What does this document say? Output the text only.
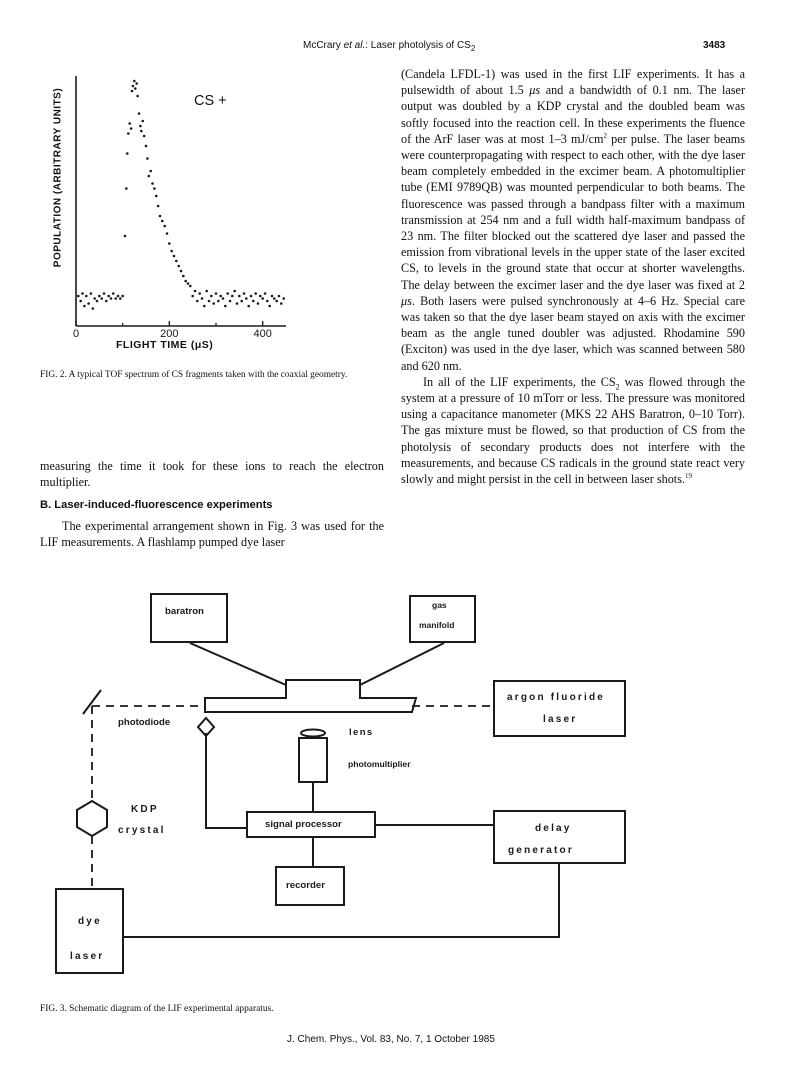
McCrary et al.: Laser photolysis of $CS_2$	3483
0	200	400
CS +
POPULATION (ARBITRARY UNITS)
FLIGHT TIME (μS)
FIG. 2. A typical TOF spectrum of CS fragments taken with the coaxial geometry.

measuring the time it took for these ions to reach the electron multiplier.

B. Laser-induced-fluorescence experiments

The experimental arrangement shown in Fig. 3 was used for the LIF measurements. A flashlamp pumped dye laser

(Candela LFDL-1) was used in the first LIF experiments. It has a pulsewidth of about 1.5 μs and a bandwidth of 0.1 nm. The laser output was doubled by a KDP crystal and the doubled beam was softly focused into the reaction cell. In these experiments the fluence of the ArF laser was at most 1–3 $mJ/cm^2$ per pulse. The laser beams were counterpropagating with respect to each other, with the dye laser beam completely embedded in the excimer beam. A photomultiplier tube (EMI 9789QB) was mounted perpendicular to both beams. The fluorescence was passed through a bandpass filter with a maximum transmission at 254 nm and a full width half-maximum bandpass of 23 nm. The filter blocked out the scattered dye laser and passed the emission from vibrational levels in the upper state of the laser excited CS, to levels in the ground state that occur at shorter wavelengths. The delay between the excimer laser and the dye laser was fixed at 2 μs. Both lasers were pulsed synchronously at 4–6 Hz. Special care was taken so that the dye laser beam stayed on axis with the excimer beam as the angle tuned doubler was adjusted. Rhodamine 590 (Exciton) was used in the dye laser, which was scanned between 580 and 620 nm.

In all of the LIF experiments, the $CS_2$ was flowed through the system at a pressure of 10 mTorr or less. The pressure was monitored using a capacitance manometer (MKS 22 AHS Baratron, 0–10 Torr). The gas mixture must be flowed, so that production of CS from the photolysis of secondary products does not interfere with the measurements, and because CS radicals in the ground state react very slowly and might persist in the cell in between laser shots.$^{19}$

baratron
gas
manifold
argon fluoride
laser
photodiode
lens
photomultiplier
KDP
crystal
signal processor	delay
generator
recorder
dye
laser
FIG. 3. Schematic diagram of the LIF experimental apparatus.
J. Chem. Phys., Vol. 83, No. 7, 1 October 1985
